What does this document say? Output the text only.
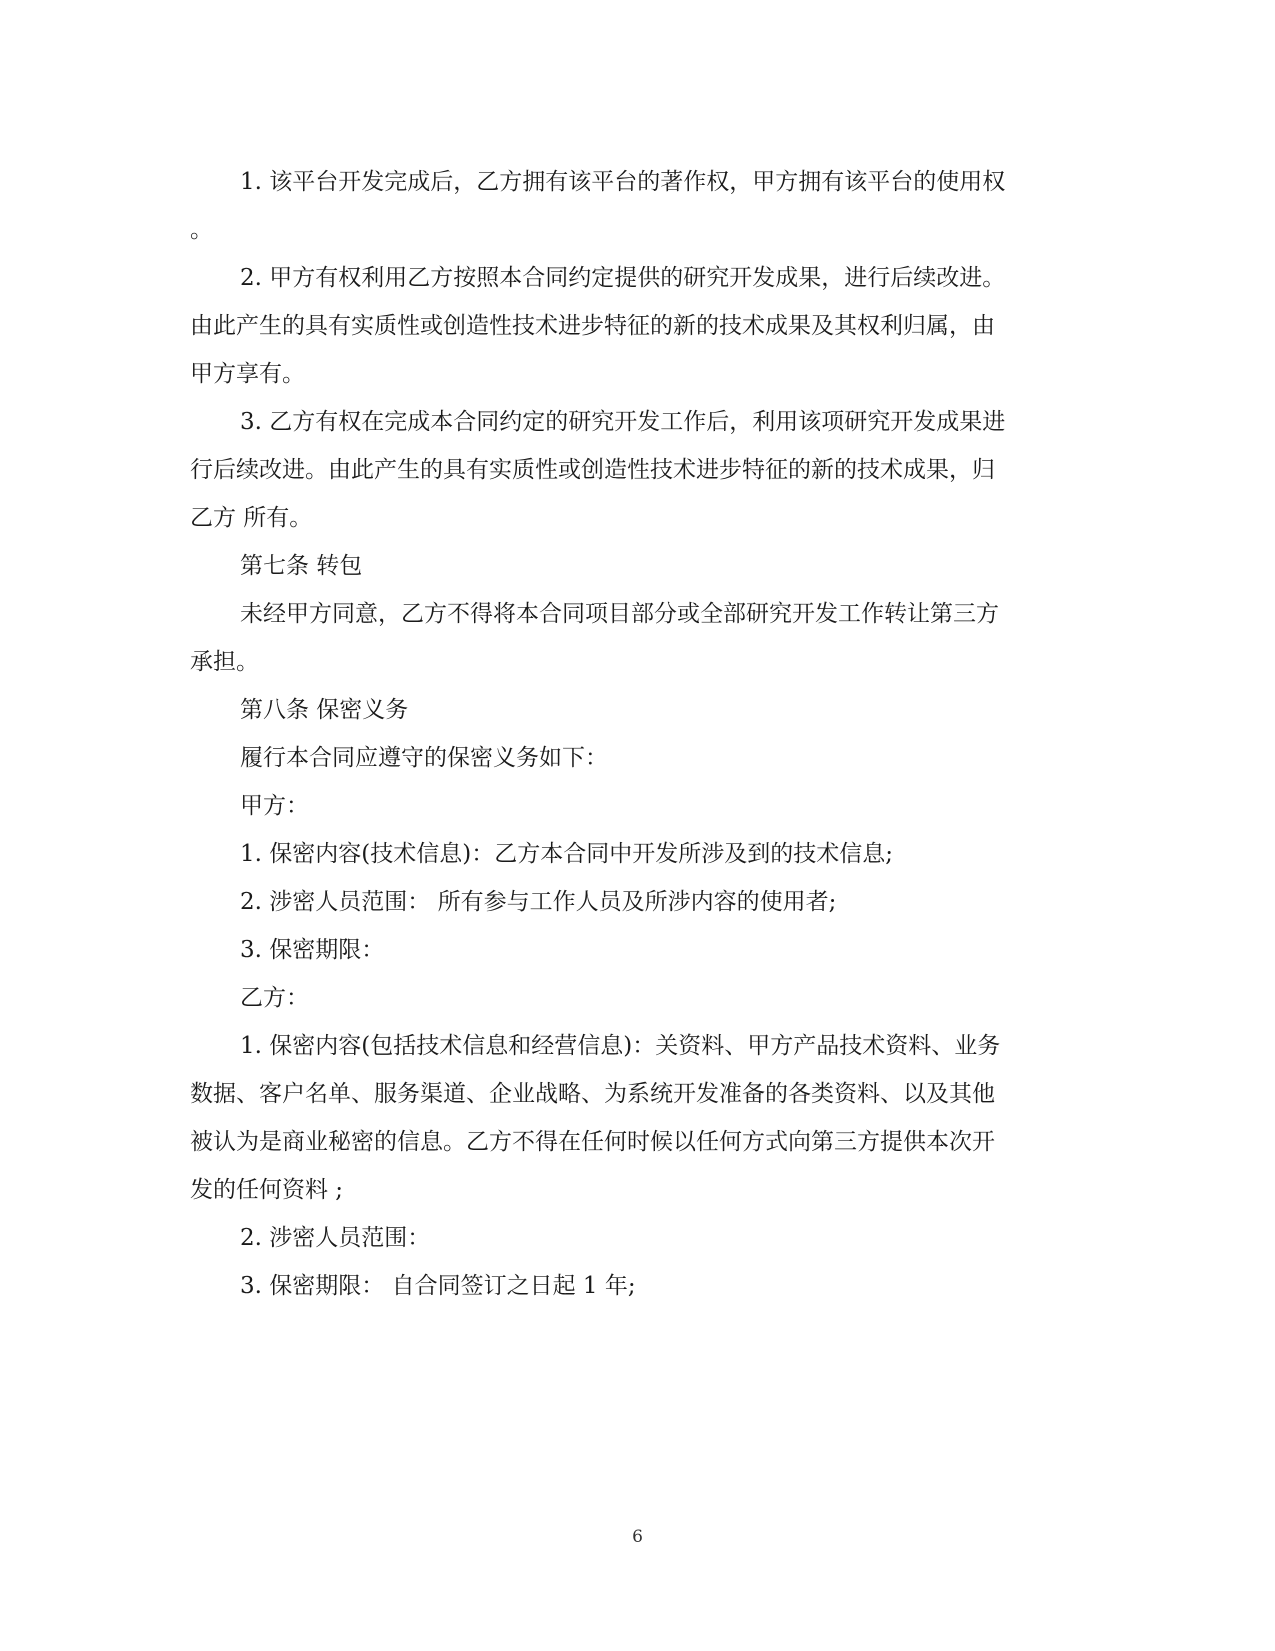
1. 该平台开发完成后，乙方拥有该平台的著作权，甲方拥有该平台的使用权
。
2. 甲方有权利用乙方按照本合同约定提供的研究开发成果，进行后续改进。
由此产生的具有实质性或创造性技术进步特征的新的技术成果及其权利归属，由
甲方享有。
3. 乙方有权在完成本合同约定的研究开发工作后，利用该项研究开发成果进
行后续改进。由此产生的具有实质性或创造性技术进步特征的新的技术成果，归
乙方 所有。
第七条 转包
未经甲方同意，乙方不得将本合同项目部分或全部研究开发工作转让第三方
承担。
第八条 保密义务
履行本合同应遵守的保密义务如下：
甲方：
1. 保密内容(技术信息)：乙方本合同中开发所涉及到的技术信息;
2. 涉密人员范围： 所有参与工作人员及所涉内容的使用者;
3. 保密期限：
乙方：
1. 保密内容(包括技术信息和经营信息)：关资料、甲方产品技术资料、业务
数据、客户名单、服务渠道、企业战略、为系统开发准备的各类资料、以及其他
被认为是商业秘密的信息。乙方不得在任何时候以任何方式向第三方提供本次开
发的任何资料 ;
2. 涉密人员范围：
3. 保密期限： 自合同签订之日起 1 年;
6
